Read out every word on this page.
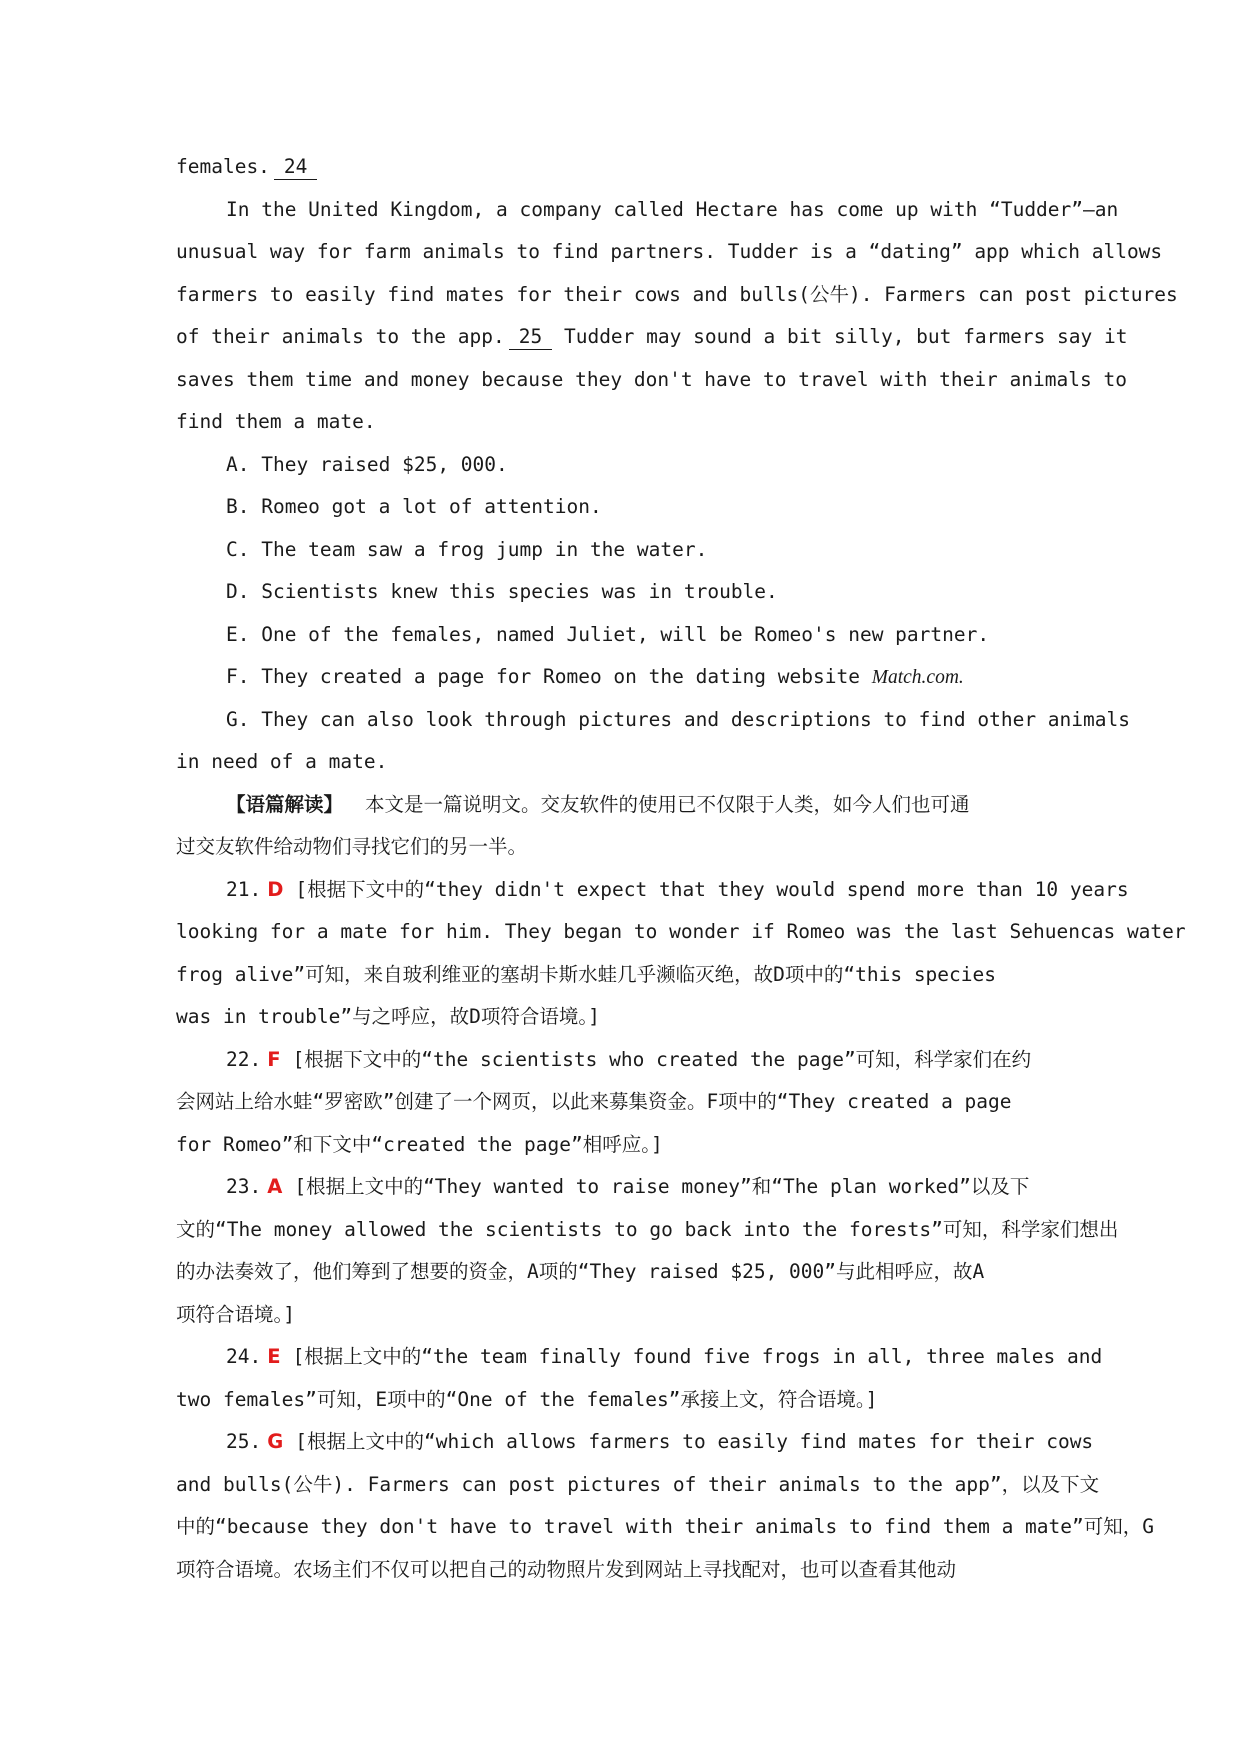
females. 24
In the United Kingdom, a company called Hectare has come up with “Tudder”—an
unusual way for farm animals to find partners. Tudder is a “dating” app which allows
farmers to easily find mates for their cows and bulls(公牛). Farmers can post pictures
of their animals to the app. 25 Tudder may sound a bit silly, but farmers say it
saves them time and money because they don't have to travel with their animals to
find them a mate.
A. They raised $25, 000.
B. Romeo got a lot of attention.
C. The team saw a frog jump in the water.
D. Scientists knew this species was in trouble.
E. One of the females, named Juliet, will be Romeo's new partner.
F. They created a page for Romeo on the dating website Match.com.
G. They can also look through pictures and descriptions to find other animals
in need of a mate.
【语篇解读】 本文是一篇说明文。交友软件的使用已不仅限于人类，如今人们也可通
过交友软件给动物们寻找它们的另一半。
21. D [根据下文中的“they didn't expect that they would spend more than 10 years
looking for a mate for him. They began to wonder if Romeo was the last Sehuencas water
frog alive”可知，来自玻利维亚的塞胡卡斯水蛙几乎濒临灭绝，故D项中的“this species
was in trouble”与之呼应，故D项符合语境。]
22. F [根据下文中的“the scientists who created the page”可知，科学家们在约
会网站上给水蛙“罗密欧”创建了一个网页，以此来募集资金。F项中的“They created a page
for Romeo”和下文中“created the page”相呼应。]
23. A [根据上文中的“They wanted to raise money”和“The plan worked”以及下
文的“The money allowed the scientists to go back into the forests”可知，科学家们想出
的办法奏效了，他们筹到了想要的资金，A项的“They raised $25, 000”与此相呼应，故A
项符合语境。]
24. E [根据上文中的“the team finally found five frogs in all, three males and
two females”可知，E项中的“One of the females”承接上文，符合语境。]
25. G [根据上文中的“which allows farmers to easily find mates for their cows
and bulls(公牛). Farmers can post pictures of their animals to the app”，以及下文
中的“because they don't have to travel with their animals to find them a mate”可知，G
项符合语境。农场主们不仅可以把自己的动物照片发到网站上寻找配对，也可以查看其他动
